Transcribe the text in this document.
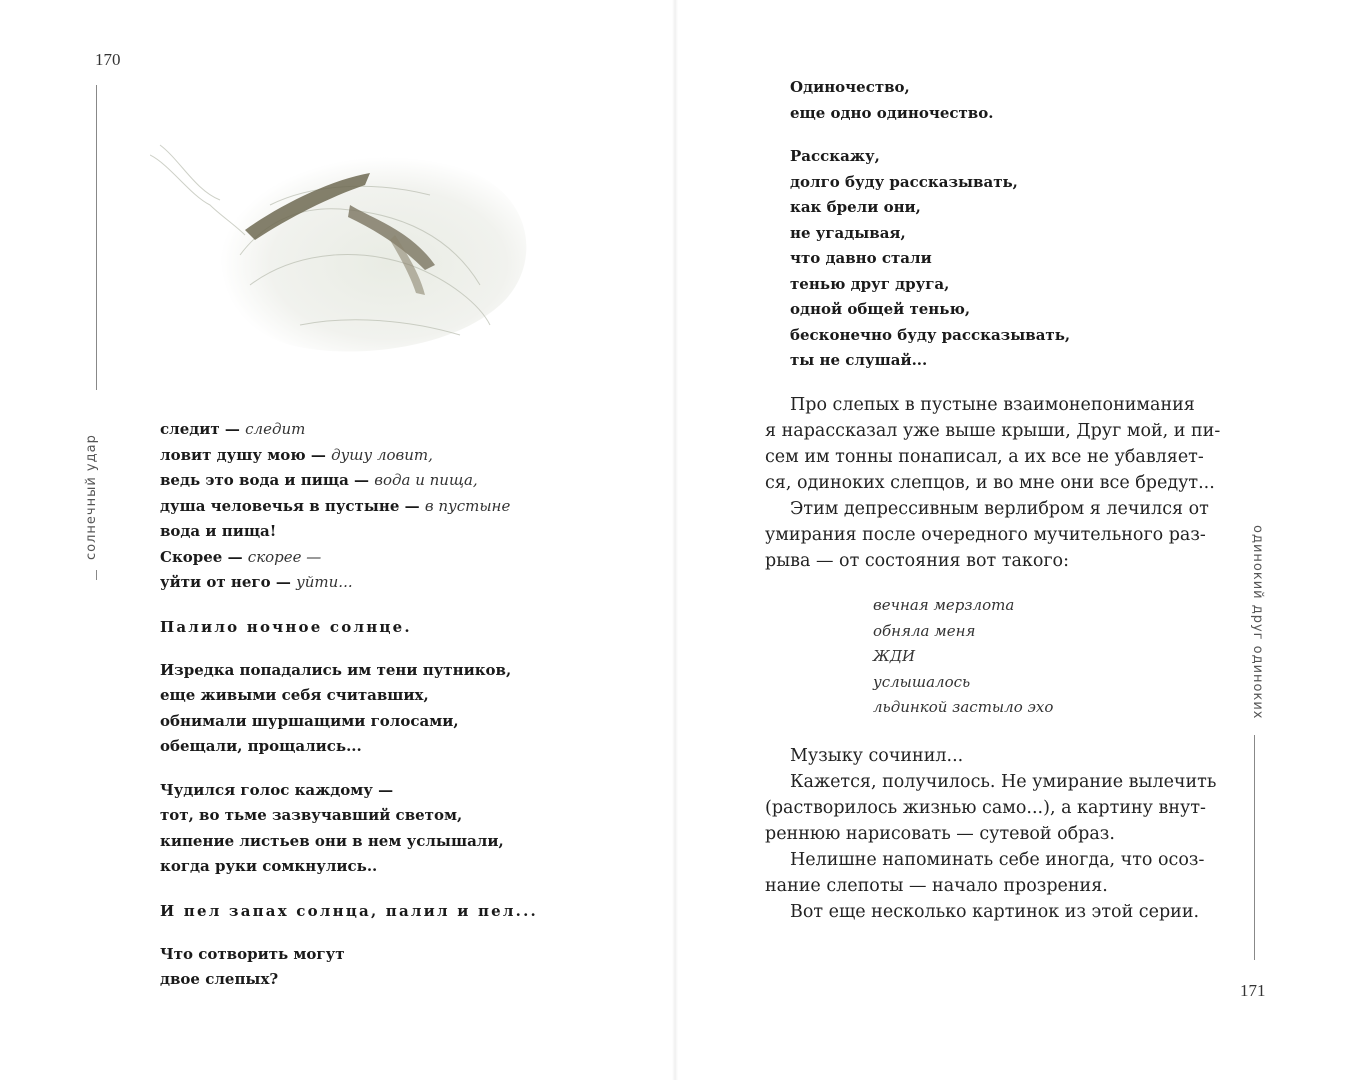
170
солнечный удар
следит — следит
ловит душу мою — душу ловит,
ведь это вода и пища — вода и пища,
душа человечья в пустыне — в пустыне
вода и пища!
Скорее — скорее —
уйти от него — уйти...
Палило ночное солнце.
Изредка попадались им тени путников,
еще живыми себя считавших,
обнимали шуршащими голосами,
обещали, прощались...
Чудился голос каждому —
тот, во тьме зазвучавший светом,
кипение листьев они в нем услышали,
когда руки сомкнулись..
И пел запах солнца, палил и пел...
Что сотворить могут
двое слепых?
Одиночество,
еще одно одиночество.
Расскажу,
долго буду рассказывать,
как брели они,
не угадывая,
что давно стали
тенью друг друга,
одной общей тенью,
бесконечно буду рассказывать,
ты не слушай...

Про слепых в пустыне взаимонепонимания

я нарассказал уже выше крыши, Друг мой, и пи-

сем им тонны понаписал, а их все не убавляет-

ся, одиноких слепцов, и во мне они все бредут...

Этим депрессивным верлибром я лечился от

умирания после очередного мучительного раз-

рыва — от состояния вот такого:

вечная мерзлота
обняла меня
ЖДИ
услышалось
льдинкой застыло эхо

Музыку сочинил...

Кажется, получилось. Не умирание вылечить

(растворилось жизнью само...), а картину внут-

реннюю нарисовать — сутевой образ.

Нелишне напоминать себе иногда, что осоз-

нание слепоты — начало прозрения.

Вот еще несколько картинок из этой серии.

одинокий друг одиноких
171
